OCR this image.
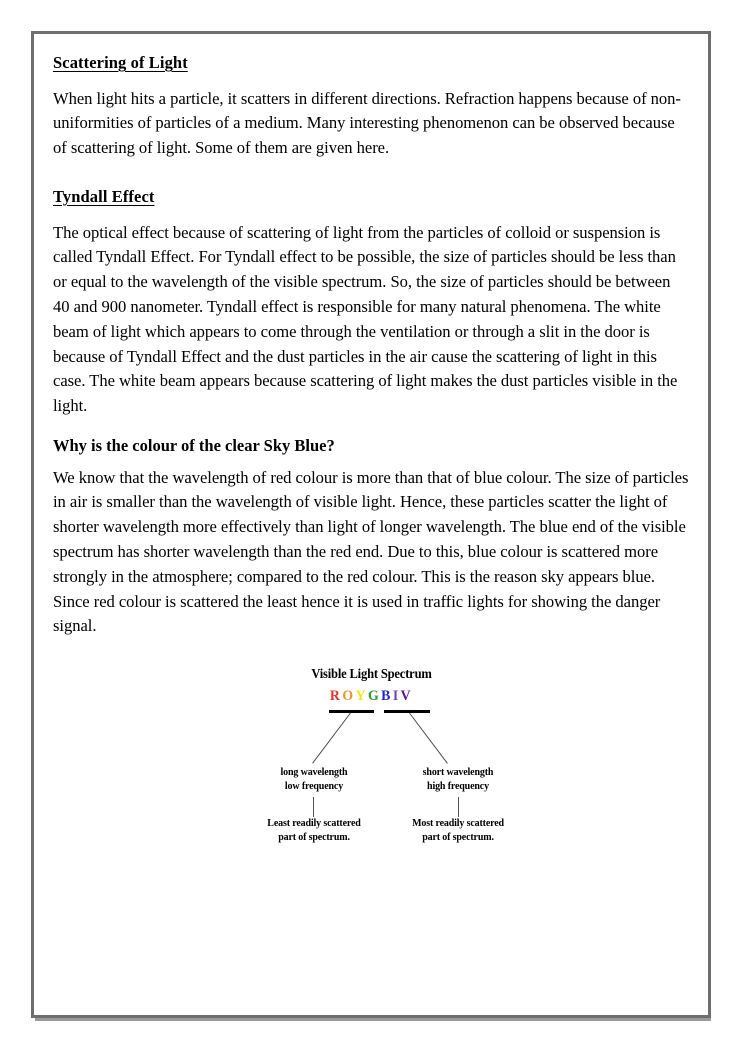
Scattering of Light

When light hits a particle, it scatters in different directions. Refraction happens because of non-uniformities of particles of a medium. Many interesting phenomenon can be observed because of scattering of light. Some of them are given here.

Tyndall Effect

The optical effect because of scattering of light from the particles of colloid or suspension is called Tyndall Effect. For Tyndall effect to be possible, the size of particles should be less than or equal to the wavelength of the visible spectrum. So, the size of particles should be between 40 and 900 nanometer. Tyndall effect is responsible for many natural phenomena. The white beam of light which appears to come through the ventilation or through a slit in the door is because of Tyndall Effect and the dust particles in the air cause the scattering of light in this case. The white beam appears because scattering of light makes the dust particles visible in the light.

Why is the colour of the clear Sky Blue?

We know that the wavelength of red colour is more than that of blue colour. The size of particles in air is smaller than the wavelength of visible light. Hence, these particles scatter the light of shorter wavelength more effectively than light of longer wavelength. The blue end of the visible spectrum has shorter wavelength than the red end. Due to this, blue colour is scattered more strongly in the atmosphere; compared to the red colour. This is the reason sky appears blue. Since red colour is scattered the least hence it is used in traffic lights for showing the danger signal.

Visible Light Spectrum
ROYGBIV
long wavelength
low frequency
short wavelength
high frequency
Least readily scattered
part of spectrum.
Most readily scattered
part of spectrum.
